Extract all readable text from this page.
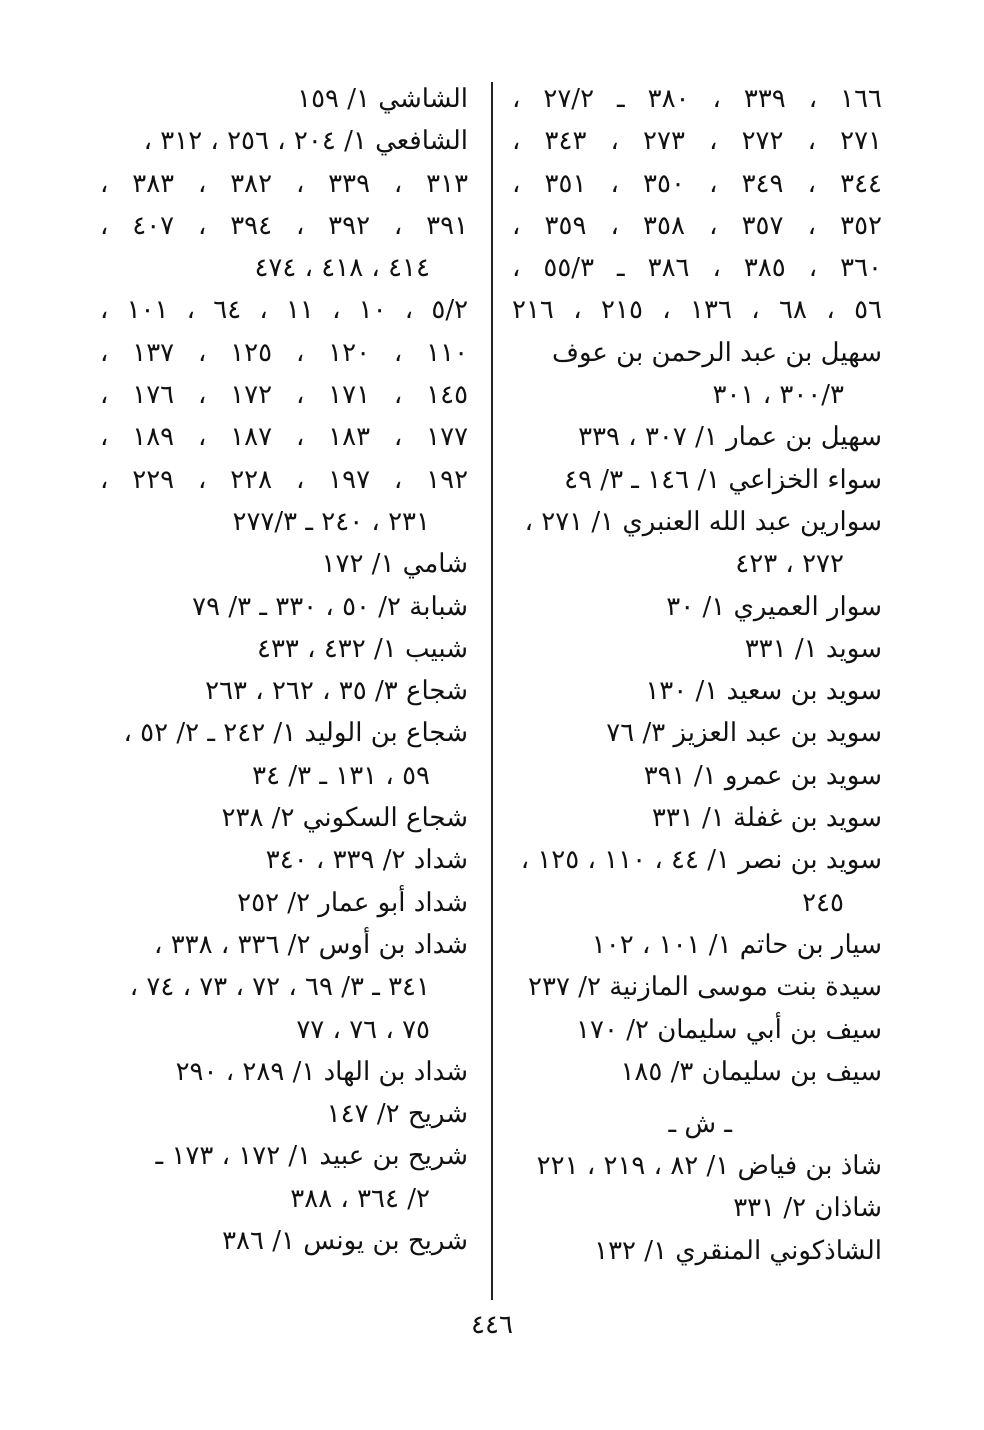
١٦٦ ، ٣٣٩ ، ٣٨٠ ـ ٢٧/٢ ،
٢٧١ ، ٢٧٢ ، ٢٧٣ ، ٣٤٣ ،
٣٤٤ ، ٣٤٩ ، ٣٥٠ ، ٣٥١ ،
٣٥٢ ، ٣٥٧ ، ٣٥٨ ، ٣٥٩ ،
٣٦٠ ، ٣٨٥ ، ٣٨٦ ـ ٥٥/٣ ،
٥٦ ، ٦٨ ، ١٣٦ ، ٢١٥ ، ٢١٦
سهيل بن عبد الرحمن بن عوف
٣٠٠/٣ ، ٣٠١
سهيل بن عمار ١/ ٣٠٧ ، ٣٣٩
سواء الخزاعي ١/ ١٤٦ ـ ٣/ ٤٩
سوارين عبد الله العنبري ١/ ٢٧١ ،
٢٧٢ ، ٤٢٣
سوار العميري ١/ ٣٠
سويد ١/ ٣٣١
سويد بن سعيد ١/ ١٣٠
سويد بن عبد العزيز ٣/ ٧٦
سويد بن عمرو ١/ ٣٩١
سويد بن غفلة ١/ ٣٣١
سويد بن نصر ١/ ٤٤ ، ١١٠ ، ١٢٥ ،
٢٤٥
سيار بن حاتم ١/ ١٠١ ، ١٠٢
سيدة بنت موسى المازنية ٢/ ٢٣٧
سيف بن أبي سليمان ٢/ ١٧٠
سيف بن سليمان ٣/ ١٨٥
ـ ش ـ
شاذ بن فياض ١/ ٨٢ ، ٢١٩ ، ٢٢١
شاذان ٢/ ٣٣١
الشاذكوني المنقري ١/ ١٣٢
الشاشي ١/ ١٥٩
الشافعي ١/ ٢٠٤ ، ٢٥٦ ، ٣١٢ ،
٣١٣ ، ٣٣٩ ، ٣٨٢ ، ٣٨٣ ،
٣٩١ ، ٣٩٢ ، ٣٩٤ ، ٤٠٧ ،
٤١٤ ، ٤١٨ ، ٤٧٤
٥/٢ ، ١٠ ، ١١ ، ٦٤ ، ١٠١ ،
١١٠ ، ١٢٠ ، ١٢٥ ، ١٣٧ ،
١٤٥ ، ١٧١ ، ١٧٢ ، ١٧٦ ،
١٧٧ ، ١٨٣ ، ١٨٧ ، ١٨٩ ،
١٩٢ ، ١٩٧ ، ٢٢٨ ، ٢٢٩ ،
٢٣١ ، ٢٤٠ ـ ٢٧٧/٣
شامي ١/ ١٧٢
شبابة ٢/ ٥٠ ، ٣٣٠ ـ ٣/ ٧٩
شبيب ١/ ٤٣٢ ، ٤٣٣
شجاع ٣/ ٣٥ ، ٢٦٢ ، ٢٦٣
شجاع بن الوليد ١/ ٢٤٢ ـ ٢/ ٥٢ ،
٥٩ ، ١٣١ ـ ٣/ ٣٤
شجاع السكوني ٢/ ٢٣٨
شداد ٢/ ٣٣٩ ، ٣٤٠
شداد أبو عمار ٢/ ٢٥٢
شداد بن أوس ٢/ ٣٣٦ ، ٣٣٨ ،
٣٤١ ـ ٣/ ٦٩ ، ٧٢ ، ٧٣ ، ٧٤ ،
٧٥ ، ٧٦ ، ٧٧
شداد بن الهاد ١/ ٢٨٩ ، ٢٩٠
شريح ٢/ ١٤٧
شريح بن عبيد ١/ ١٧٢ ، ١٧٣ ـ
٢/ ٣٦٤ ، ٣٨٨
شريح بن يونس ١/ ٣٨٦
٤٤٦
